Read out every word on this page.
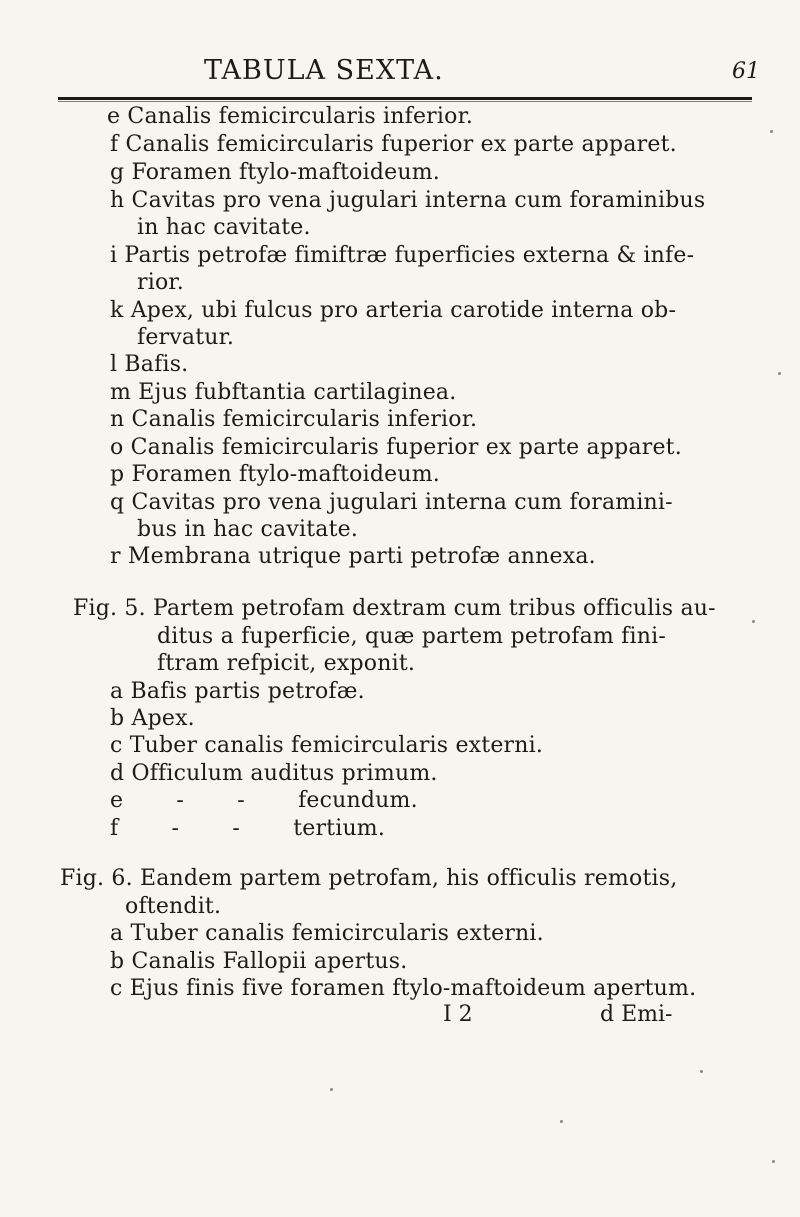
TABULA SEXTA.	61
e Canalis femicircularis inferior.
f Canalis femicircularis fuperior ex parte apparet.
g Foramen ftylo-maftoideum.
h Cavitas pro vena jugulari interna cum foraminibus
in hac cavitate.
i Partis petrofæ fimiftræ fuperficies externa & infe-
rior.
k Apex, ubi fulcus pro arteria carotide interna ob-
fervatur.
l Bafis.
m Ejus fubftantia cartilaginea.
n Canalis femicircularis inferior.
o Canalis femicircularis fuperior ex parte apparet.
p Foramen ftylo-maftoideum.
q Cavitas pro vena jugulari interna cum foramini-
bus in hac cavitate.
r Membrana utrique parti petrofæ annexa.
Fig. 5. Partem petrofam dextram cum tribus officulis au-
ditus a fuperficie, quæ partem petrofam fini-
ftram refpicit, exponit.
a Bafis partis petrofæ.
b Apex.
c Tuber canalis femicircularis externi.
d Officulum auditus primum.
e - - fecundum.
f - - tertium.
Fig. 6. Eandem partem petrofam, his officulis remotis,
oftendit.
a Tuber canalis femicircularis externi.
b Canalis Fallopii apertus.
c Ejus finis five foramen ftylo-maftoideum apertum.
I 2	d Emi-
